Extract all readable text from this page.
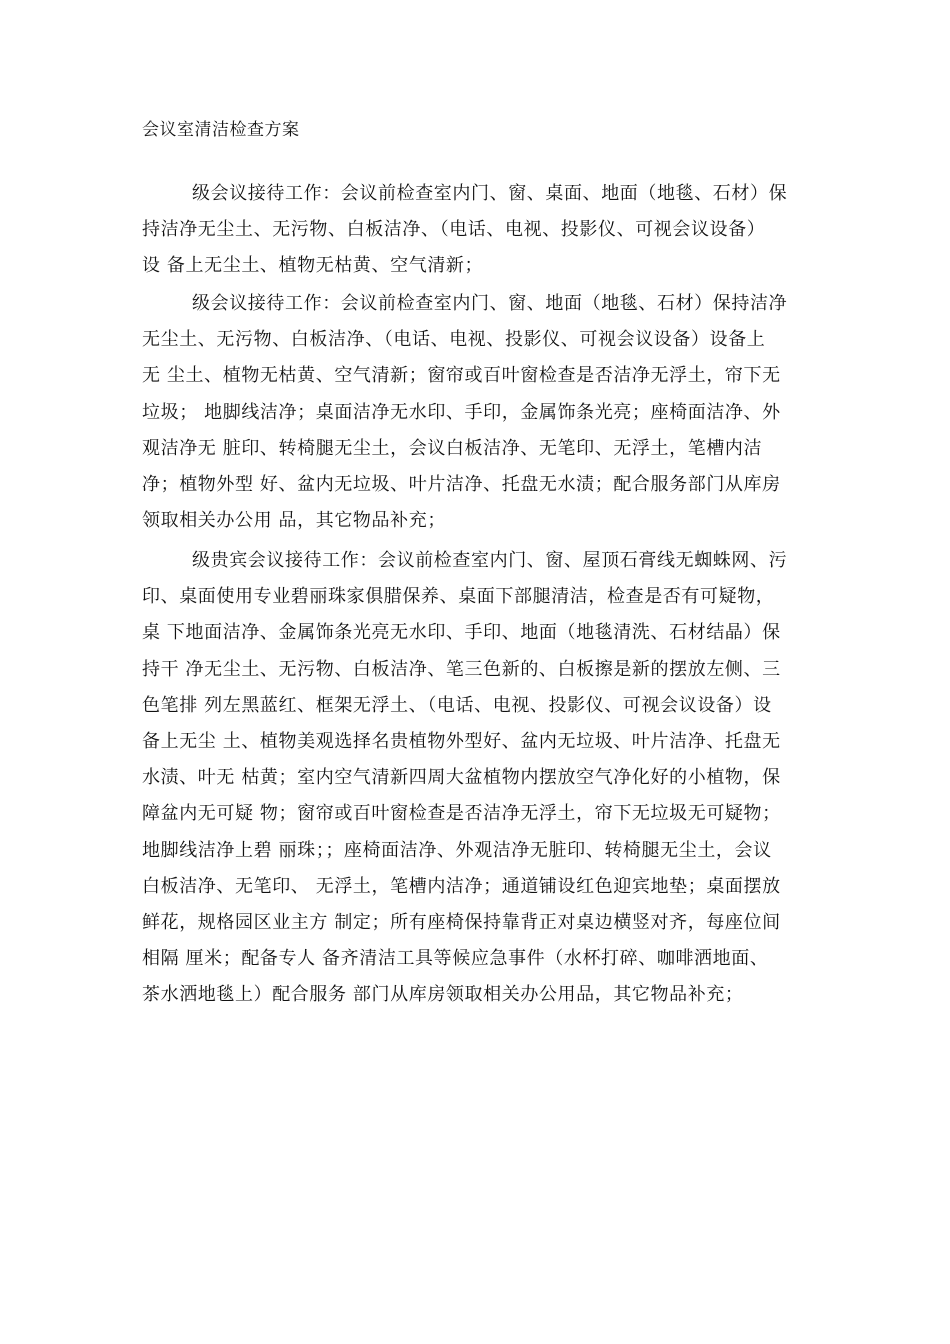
会议室清洁检查方案
级会议接待工作：会议前检查室内门、窗、桌面、地面（地毯、石材）保
持洁净无尘土、无污物、白板洁净、（电话、电视、投影仪、可视会议设备）
设 备上无尘土、植物无枯黄、空气清新；
级会议接待工作：会议前检查室内门、窗、地面（地毯、石材）保持洁净
无尘土、无污物、白板洁净、（电话、电视、投影仪、可视会议设备）设备上
无 尘土、植物无枯黄、空气清新；窗帘或百叶窗检查是否洁净无浮土，帘下无
垃圾； 地脚线洁净；桌面洁净无水印、手印，金属饰条光亮；座椅面洁净、外
观洁净无 脏印、转椅腿无尘土，会议白板洁净、无笔印、无浮土，笔槽内洁
净；植物外型 好、盆内无垃圾、叶片洁净、托盘无水渍；配合服务部门从库房
领取相关办公用 品，其它物品补充；
级贵宾会议接待工作：会议前检查室内门、窗、屋顶石膏线无蜘蛛网、污
印、桌面使用专业碧丽珠家俱腊保养、桌面下部腿清洁，检查是否有可疑物，
桌 下地面洁净、金属饰条光亮无水印、手印、地面（地毯清洗、石材结晶）保
持干 净无尘土、无污物、白板洁净、笔三色新的、白板擦是新的摆放左侧、三
色笔排 列左黑蓝红、框架无浮土、（电话、电视、投影仪、可视会议设备）设
备上无尘 土、植物美观选择名贵植物外型好、盆内无垃圾、叶片洁净、托盘无
水渍、叶无 枯黄；室内空气清新四周大盆植物内摆放空气净化好的小植物，保
障盆内无可疑 物；窗帘或百叶窗检查是否洁净无浮土，帘下无垃圾无可疑物；
地脚线洁净上碧 丽珠；；座椅面洁净、外观洁净无脏印、转椅腿无尘土，会议
白板洁净、无笔印、 无浮土，笔槽内洁净；通道铺设红色迎宾地垫；桌面摆放
鲜花，规格园区业主方 制定；所有座椅保持靠背正对桌边横竖对齐，每座位间
相隔 厘米；配备专人 备齐清洁工具等候应急事件（水杯打碎、咖啡洒地面、
茶水洒地毯上）配合服务 部门从库房领取相关办公用品，其它物品补充；
